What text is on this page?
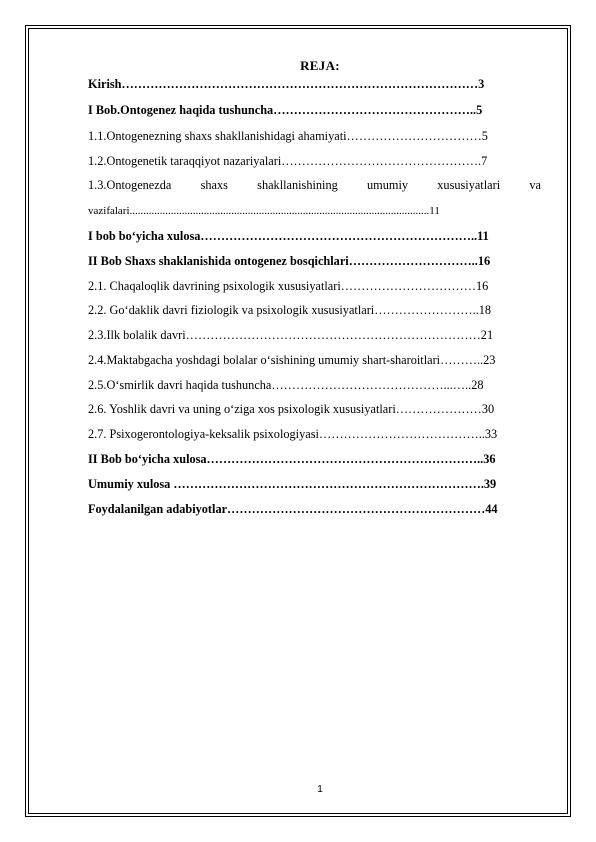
REJA:
Kirish……………………………………………………………………………3
I Bob.Ontogenez haqida tushuncha…………………………………………..5
1.1.Ontogenezning shaxs shakllanishidagi ahamiyati……………………………5
1.2.Ontogenetik taraqqiyot nazariyalari………………………………………….7
1.3.Ontogenezda shaxs shakllanishining umumiy xususiyatlari va
vazifalari.............................................................................................................11
I bob bo‘yicha xulosa…………………………………………………………..11
II Bob Shaxs shaklanishida ontogenez bosqichlari…………………………..16
2.1. Chaqaloqlik davrining psixologik xususiyatlari……………………………16
2.2. Go‘daklik davri fiziologik va psixologik xususiyatlari……………………..18
2.3.Ilk bolalik davri………………………………………………………………21
2.4.Maktabgacha yoshdagi bolalar o‘sishining umumiy shart-sharoitlari………..23
2.5.O‘smirlik davri haqida tushuncha……………………………………...…..28
2.6. Yoshlik davri va uning o‘ziga xos psixologik xususiyatlari…………………30
2.7. Psixogerontologiya-keksalik psixologiyasi…………………………………..33
II Bob bo‘yicha xulosa…………………………………………………………..36
Umumiy xulosa ………………………………………………………………….39
Foydalanilgan adabiyotlar………………………………………………………44
1
